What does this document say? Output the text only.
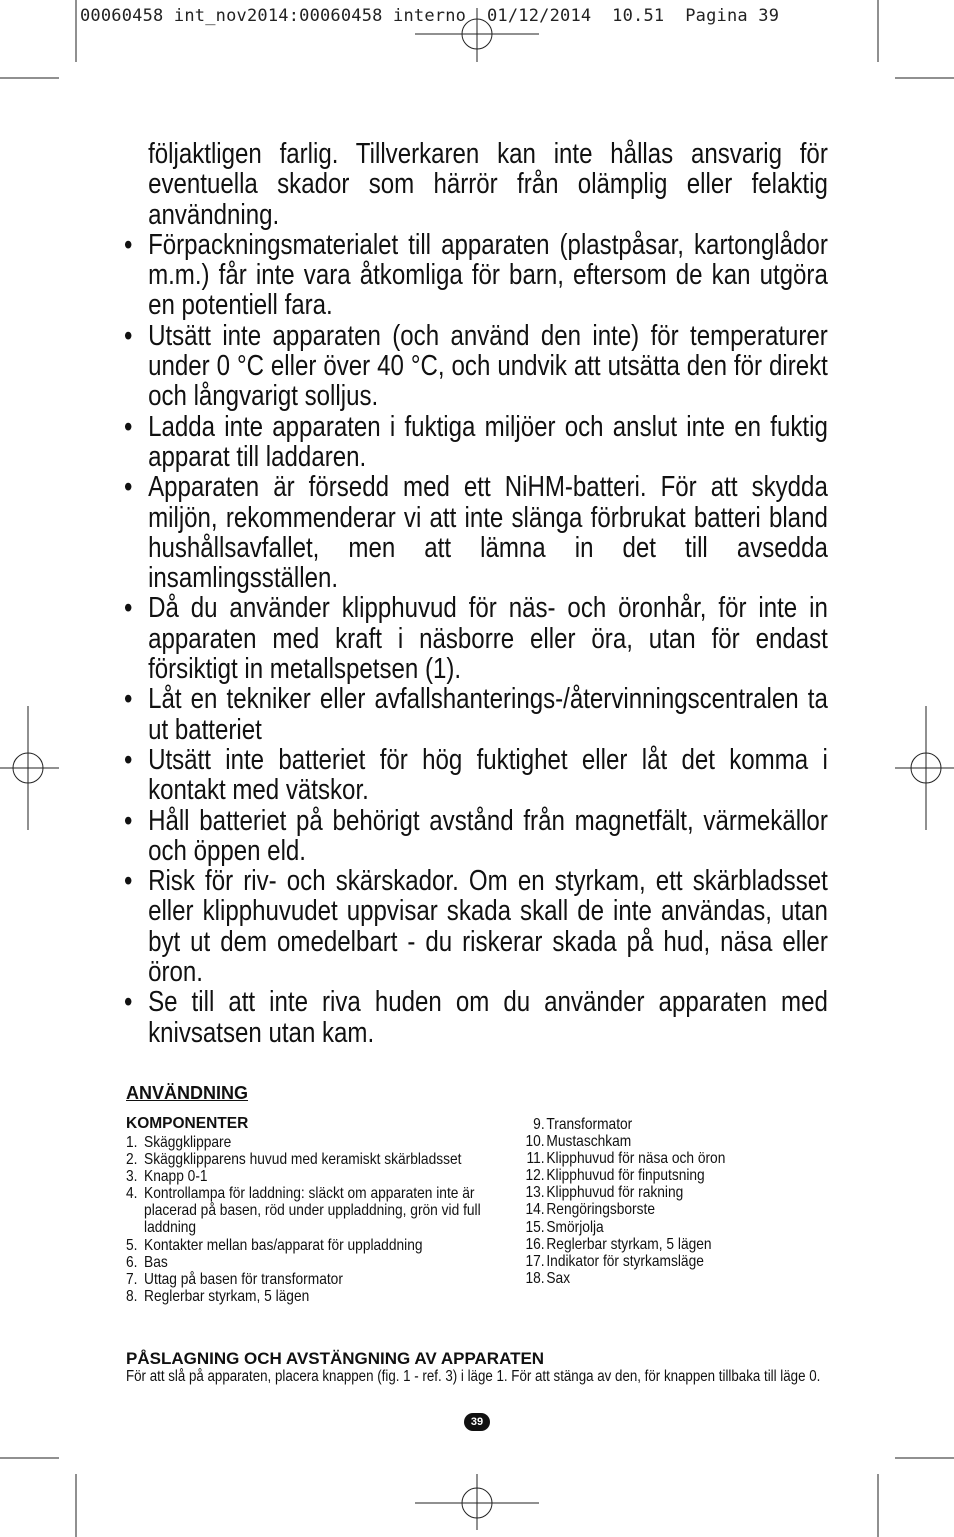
00060458 int_nov2014:00060458 interno  01/12/2014  10.51  Pagina 39

följaktligen farlig. Tillverkaren kan inte hållas ansvarig för eventuella skador som härrör från olämplig eller felaktig användning.

• Förpackningsmaterialet till apparaten (plastpåsar, kartonglådor m.m.) får inte vara åtkomliga för barn, eftersom de kan utgöra en potentiell fara.

• Utsätt inte apparaten (och använd den inte) för temperaturer under 0 °C eller över 40 °C, och undvik att utsätta den för direkt och långvarigt solljus.

• Ladda inte apparaten i fuktiga miljöer och anslut inte en fuktig apparat till laddaren.

• Apparaten är försedd med ett NiHM-batteri. För att skydda miljön, rekommenderar vi att inte slänga förbrukat batteri bland hushållsavfallet, men att lämna in det till avsedda insamlingsställen.

• Då du använder klipphuvud för näs- och öronhår, för inte in apparaten med kraft i näsborre eller öra, utan för endast försiktigt in metallspetsen (1).

• Låt en tekniker eller avfallshanterings-/återvinningscentralen ta ut batteriet

• Utsätt inte batteriet för hög fuktighet eller låt det komma i kontakt med vätskor.

• Håll batteriet på behörigt avstånd från magnetfält, värmekällor och öppen eld.

• Risk för riv- och skärskador. Om en styrkam, ett skärbladsset eller klipphuvudet uppvisar skada skall de inte användas, utan byt ut dem omedelbart - du riskerar skada på hud, näsa eller öron.

• Se till att inte riva huden om du använder apparaten med knivsatsen utan kam.

ANVÄNDNING
KOMPONENTER
1. Skäggklippare
2. Skäggklipparens huvud med keramiskt skärbladsset
3. Knapp 0-1
4. Kontrollampa för laddning: släckt om apparaten inte är placerad på basen, röd under uppladdning, grön vid full laddning
5. Kontakter mellan bas/apparat för uppladdning
6. Bas
7. Uttag på basen för transformator
8. Reglerbar styrkam, 5 lägen
9. Transformator
10. Mustaschkam
11. Klipphuvud för näsa och öron
12. Klipphuvud för finputsning
13. Klipphuvud för rakning
14. Rengöringsborste
15. Smörjolja
16. Reglerbar styrkam, 5 lägen
17. Indikator för styrkamsläge
18. Sax
PÅSLAGNING OCH AVSTÄNGNING AV APPARATEN

För att slå på apparaten, placera knappen (fig. 1 - ref. 3) i läge 1. För att stänga av den, för knappen tillbaka till läge 0.

39
